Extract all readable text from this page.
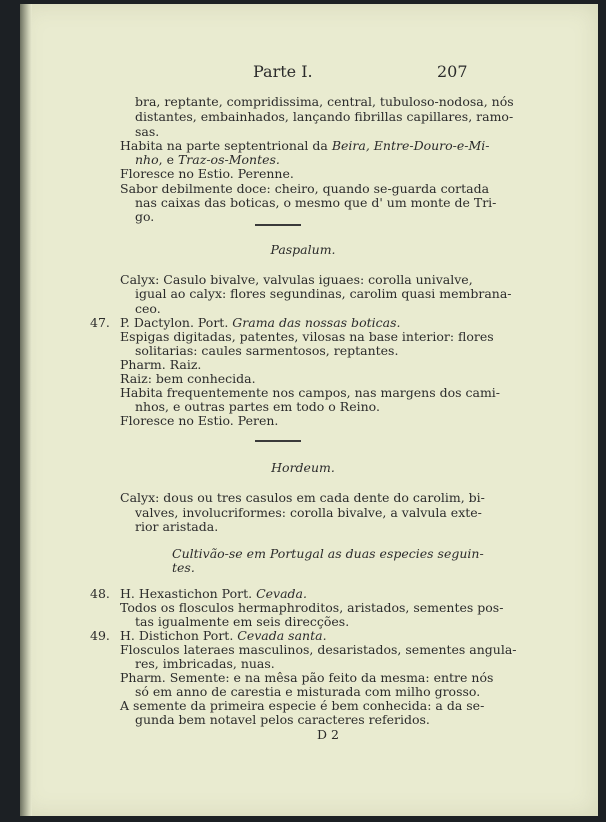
Parte I.	207
bra, reptante, compridissima, central, tubuloso-nodosa, nós
distantes, embainhados, lançando fibrillas capillares, ramo-
sas.
Habita na parte septentrional da Beira, Entre-Douro-e-Mi-
nho, e Traz-os-Montes.
Floresce no Estio. Perenne.
Sabor debilmente doce: cheiro, quando se-guarda cortada
nas caixas das boticas, o mesmo que d' um monte de Tri-
go.
Paspalum.
Calyx: Casulo bivalve, valvulas iguaes: corolla univalve,
igual ao calyx: flores segundinas, carolim quasi membrana-
ceo.
Espigas digitadas, patentes, vilosas na base interior: flores
solitarias: caules sarmentosos, reptantes.
Pharm. Raiz.
Raiz: bem conhecida.
Habita frequentemente nos campos, nas margens dos cami-
nhos, e outras partes em todo o Reino.
Floresce no Estio. Peren.
47. P. Dactylon. Port. Grama das nossas boticas.
Hordeum.
Calyx: dous ou tres casulos em cada dente do carolim, bi-
valves, involucriformes: corolla bivalve, a valvula exte-
rior aristada.
Cultivão-se em Portugal as duas especies seguin-
tes.
48. H. Hexastichon Port. Cevada.
Todos os flosculos hermaphroditos, aristados, sementes pos-
tas igualmente em seis direcções.
49. H. Distichon Port. Cevada santa.
Flosculos lateraes masculinos, desaristados, sementes angula-
res, imbricadas, nuas.
Pharm. Semente: e na mêsa pão feito da mesma: entre nós
só em anno de carestia e misturada com milho grosso.
A semente da primeira especie é bem conhecida: a da se-
gunda bem notavel pelos caracteres referidos.
D 2
